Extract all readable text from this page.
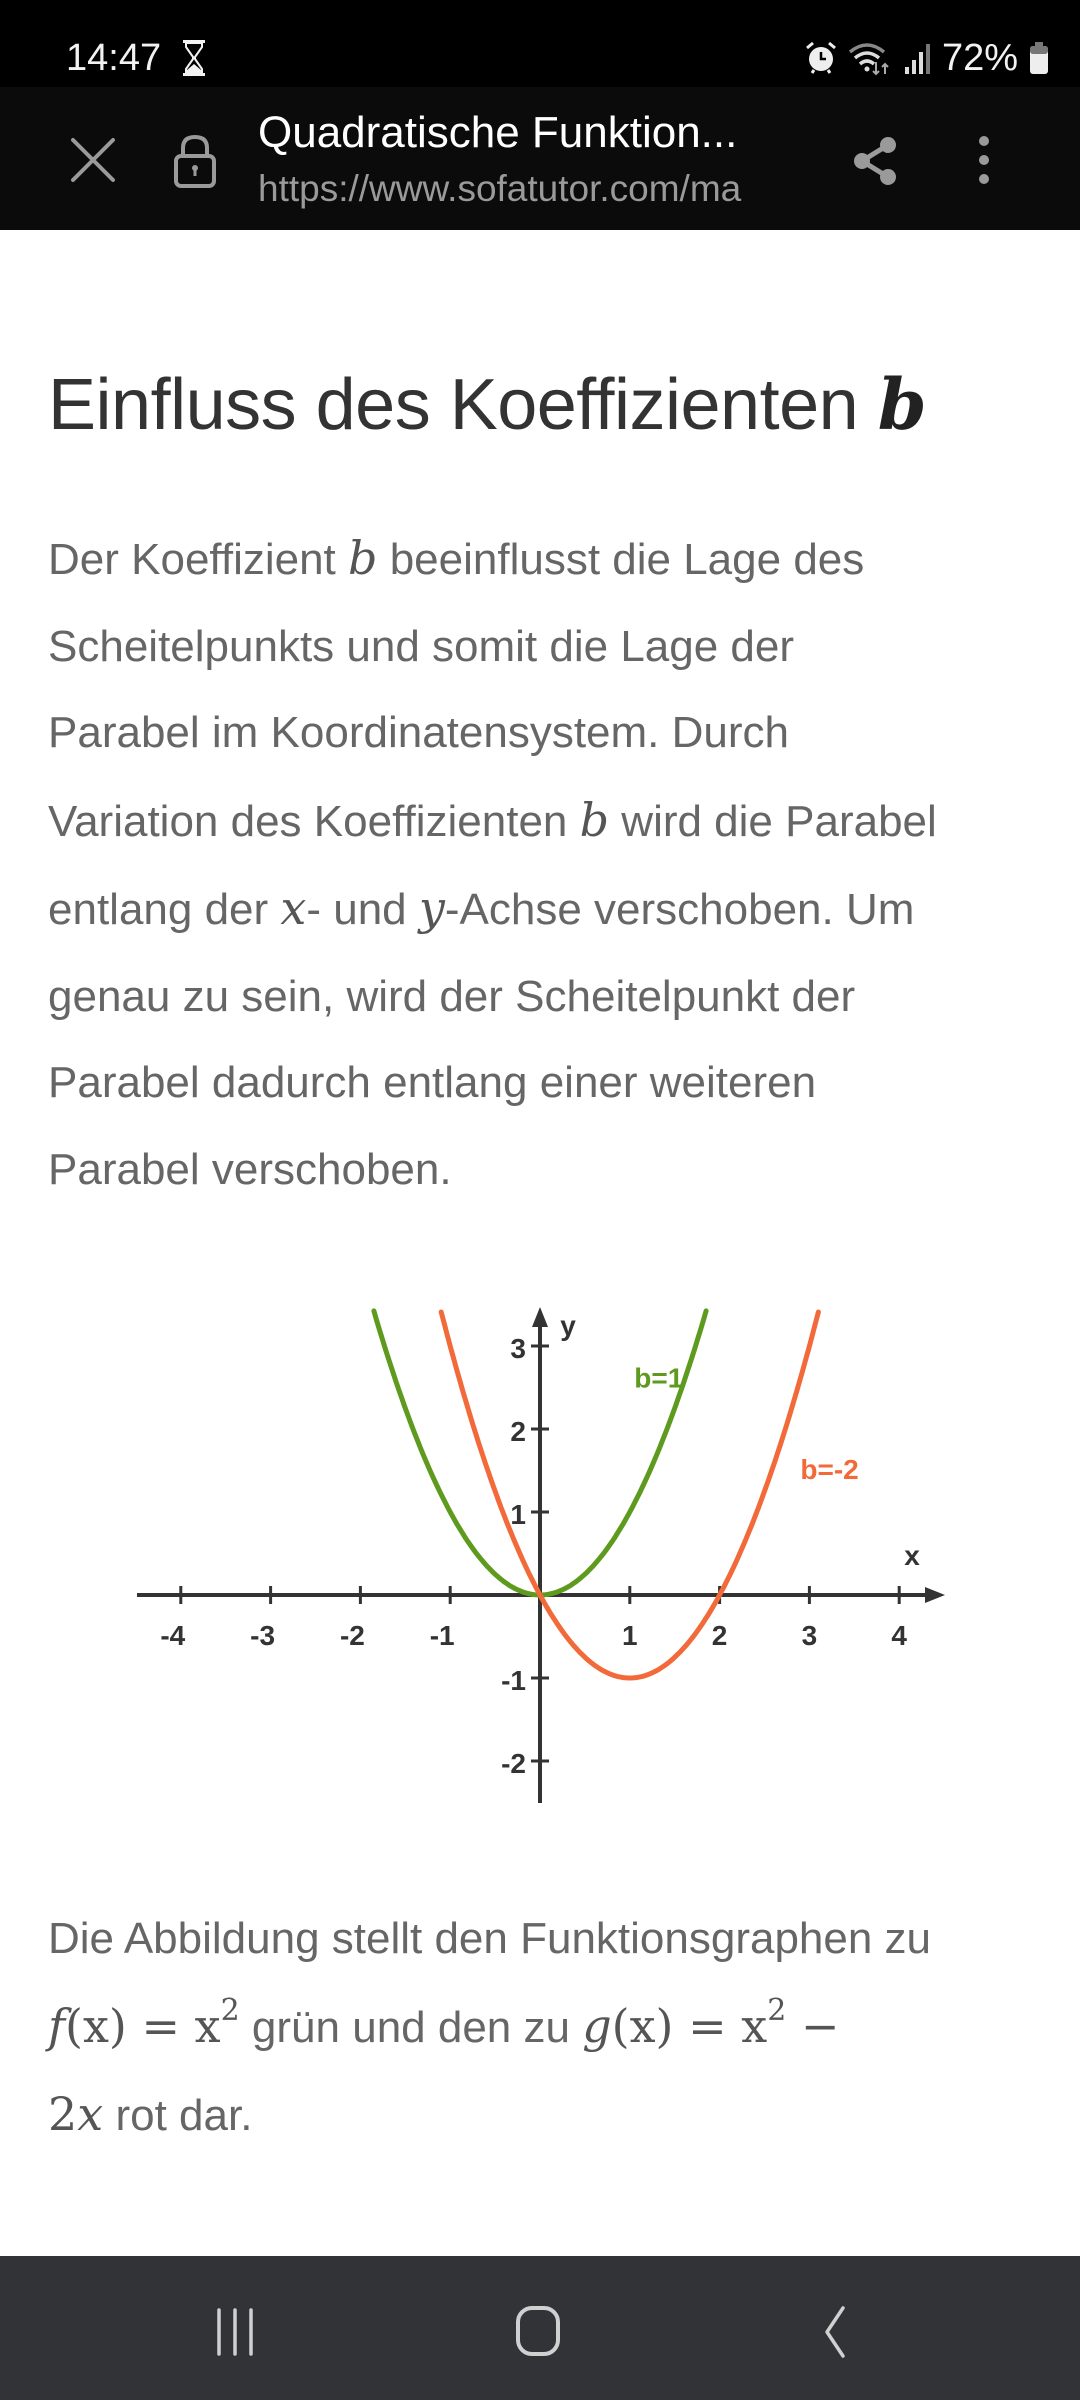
14:47	72%
Quadratische Funktion...
https://www.sofatutor.com/ma
Einfluss des Koeffizienten b
Der Koeffizient b beeinflusst die Lage des
Scheitelpunkts und somit die Lage der
Parabel im Koordinatensystem. Durch
Variation des Koeffizienten b wird die Parabel
entlang der x- und y-Achse verschoben. Um
genau zu sein, wird der Scheitelpunkt der
Parabel dadurch entlang einer weiteren
Parabel verschoben.
-4 -3 -2 -1	1	2	3	4
3
2
1
-1
-2
x
y
b=1
b=-2
Die Abbildung stellt den Funktionsgraphen zu
$f(x) = x^2$ grün und den zu $g(x) = x^2$ −
2x rot dar.
